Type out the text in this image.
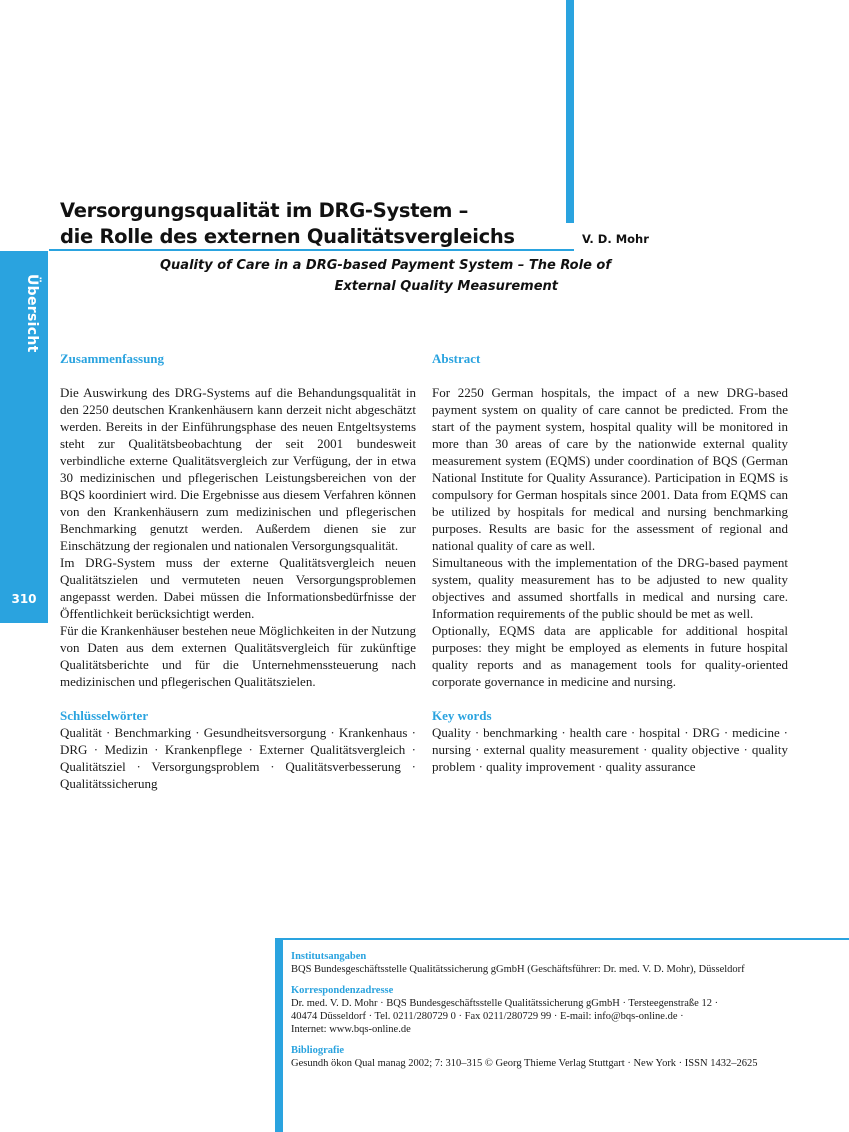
Übersicht
310
Versorgungsqualität im DRG-System –
die Rolle des externen Qualitätsvergleichs	V. D. Mohr
Quality of Care in a DRG-based Payment System – The Role of
External Quality Measurement
Zusammenfassung

Die Auswirkung des DRG-Systems auf die Behandungsqualität in den 2250 deutschen Krankenhäusern kann derzeit nicht abgeschätzt werden. Bereits in der Einführungsphase des neuen Entgeltsystems steht zur Qualitätsbeobachtung der seit 2001 bundesweit verbindliche externe Qualitätsvergleich zur Verfügung, der in etwa 30 medizinischen und pflegerischen Leistungsbereichen von der BQS koordiniert wird. Die Ergebnisse aus diesem Verfahren können von den Krankenhäusern zum medizinischen und pflegerischen Benchmarking genutzt werden. Außerdem dienen sie zur Einschätzung der regionalen und nationalen Versorgungsqualität.

Im DRG-System muss der externe Qualitätsvergleich neuen Qualitätszielen und vermuteten neuen Versorgungsproblemen angepasst werden. Dabei müssen die Informationsbedürfnisse der Öffentlichkeit berücksichtigt werden.

Für die Krankenhäuser bestehen neue Möglichkeiten in der Nutzung von Daten aus dem externen Qualitätsvergleich für zukünftige Qualitätsberichte und für die Unternehmenssteuerung nach medizinischen und pflegerischen Qualitätszielen.

Schlüsselwörter

Qualität · Benchmarking · Gesundheitsversorgung · Krankenhaus · DRG · Medizin · Krankenpflege · Externer Qualitätsvergleich · Qualitätsziel · Versorgungsproblem · Qualitätsverbesserung · Qualitätssicherung

Abstract

For 2250 German hospitals, the impact of a new DRG-based payment system on quality of care cannot be predicted. From the start of the payment system, hospital quality will be monitored in more than 30 areas of care by the nationwide external quality measurement system (EQMS) under coordination of BQS (German National Institute for Quality Assurance). Participation in EQMS is compulsory for German hospitals since 2001. Data from EQMS can be utilized by hospitals for medical and nursing benchmarking purposes. Results are basic for the assessment of regional and national quality of care as well.

Simultaneous with the implementation of the DRG-based payment system, quality measurement has to be adjusted to new quality objectives and assumed shortfalls in medical and nursing care. Information requirements of the public should be met as well.

Optionally, EQMS data are applicable for additional hospital purposes: they might be employed as elements in future hospital quality reports and as management tools for quality-oriented corporate governance in medicine and nursing.

Key words

Quality · benchmarking · health care · hospital · DRG · medicine · nursing · external quality measurement · quality objective · quality problem · quality improvement · quality assurance

Institutsangaben

BQS Bundesgeschäftsstelle Qualitätssicherung gGmbH (Geschäftsführer: Dr. med. V. D. Mohr), Düsseldorf

Korrespondenzadresse

Dr. med. V. D. Mohr · BQS Bundesgeschäftsstelle Qualitätssicherung gGmbH · Tersteegenstraße 12 ·

40474 Düsseldorf · Tel. 0211/280729 0 · Fax 0211/280729 99 · E-mail: info@bqs-online.de ·

Internet: www.bqs-online.de

Bibliografie

Gesundh ökon Qual manag 2002; 7: 310–315 © Georg Thieme Verlag Stuttgart · New York · ISSN 1432–2625
